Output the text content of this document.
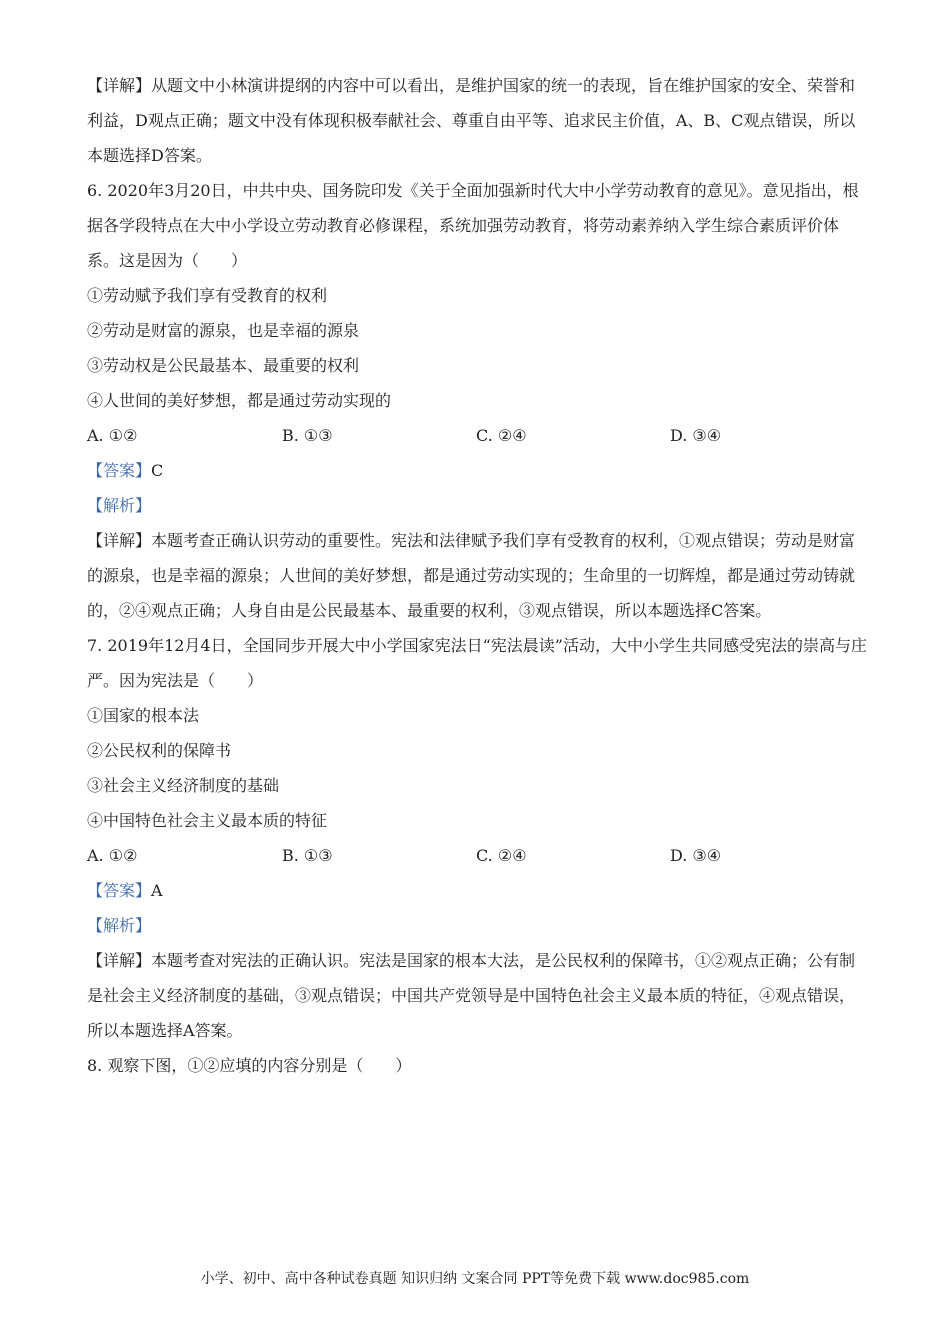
【详解】从题文中小林演讲提纲的内容中可以看出，是维护国家的统一的表现，旨在维护国家的安全、荣誉和利益，D观点正确；题文中没有体现积极奉献社会、尊重自由平等、追求民主价值，A、B、C观点错误，所以本题选择D答案。

6. 2020年3月20日，中共中央、国务院印发《关于全面加强新时代大中小学劳动教育的意见》。意见指出，根据各学段特点在大中小学设立劳动教育必修课程，系统加强劳动教育，将劳动素养纳入学生综合素质评价体系。这是因为（　　）

①劳动赋予我们享有受教育的权利

②劳动是财富的源泉，也是幸福的源泉

③劳动权是公民最基本、最重要的权利

④人世间的美好梦想，都是通过劳动实现的

A. ①②	B. ①③	C. ②④	D. ③④

【答案】C

【解析】

【详解】本题考查正确认识劳动的重要性。宪法和法律赋予我们享有受教育的权利，①观点错误；劳动是财富的源泉，也是幸福的源泉；人世间的美好梦想，都是通过劳动实现的；生命里的一切辉煌，都是通过劳动铸就的，②④观点正确；人身自由是公民最基本、最重要的权利，③观点错误，所以本题选择C答案。

7. 2019年12月4日，全国同步开展大中小学国家宪法日“宪法晨读”活动，大中小学生共同感受宪法的崇高与庄严。因为宪法是（　　）

①国家的根本法

②公民权利的保障书

③社会主义经济制度的基础

④中国特色社会主义最本质的特征

A. ①②	B. ①③	C. ②④	D. ③④

【答案】A

【解析】

【详解】本题考查对宪法的正确认识。宪法是国家的根本大法，是公民权利的保障书，①②观点正确；公有制是社会主义经济制度的基础，③观点错误；中国共产党领导是中国特色社会主义最本质的特征，④观点错误，所以本题选择A答案。

8. 观察下图，①②应填的内容分别是（　　）

小学、初中、高中各种试卷真题 知识归纳 文案合同 PPT等免费下载 www.doc985.com
